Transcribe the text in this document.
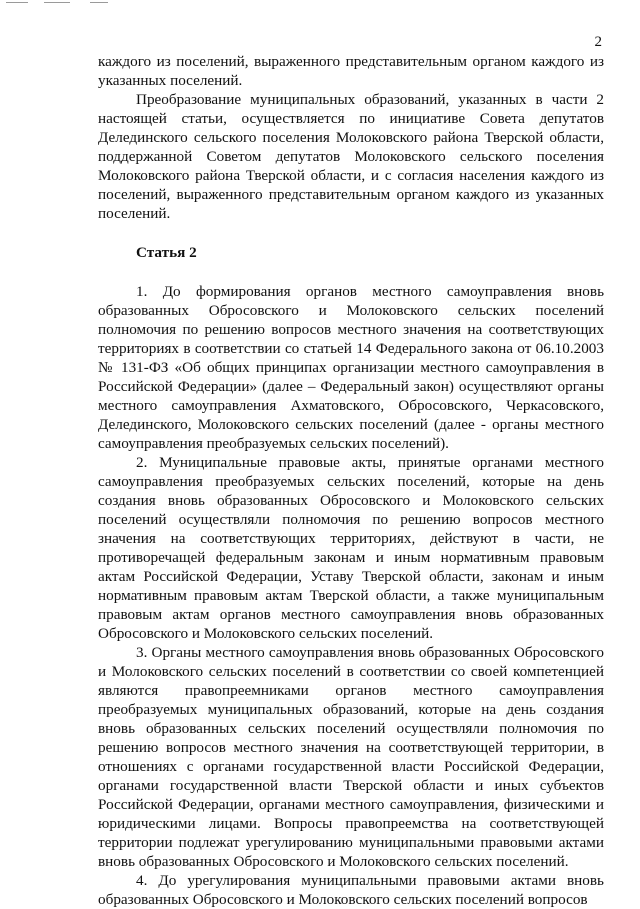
2

каждого из поселений, выраженного представительным органом каждого из указанных поселений.

Преобразование муниципальных образований, указанных в части 2 настоящей статьи, осуществляется по инициативе Совета депутатов Делединского сельского поселения Молоковского района Тверской области, поддержанной Советом депутатов Молоковского сельского поселения Молоковского района Тверской области, и с согласия населения каждого из поселений, выраженного представительным органом каждого из указанных поселений.

Статья 2

1. До формирования органов местного самоуправления вновь образованных Обросовского и Молоковского сельских поселений полномочия по решению вопросов местного значения на соответствующих территориях в соответствии со статьей 14 Федерального закона от 06.10.2003 № 131-ФЗ «Об общих принципах организации местного самоуправления в Российской Федерации» (далее – Федеральный закон) осуществляют органы местного самоуправления Ахматовского, Обросовского, Черкасовского, Делединского, Молоковского сельских поселений (далее - органы местного самоуправления преобразуемых сельских поселений).

2. Муниципальные правовые акты, принятые органами местного самоуправления преобразуемых сельских поселений, которые на день создания вновь образованных Обросовского и Молоковского сельских поселений осуществляли полномочия по решению вопросов местного значения на соответствующих территориях, действуют в части, не противоречащей федеральным законам и иным нормативным правовым актам Российской Федерации, Уставу Тверской области, законам и иным нормативным правовым актам Тверской области, а также муниципальным правовым актам органов местного самоуправления вновь образованных Обросовского и Молоковского сельских поселений.

3. Органы местного самоуправления вновь образованных Обросовского и Молоковского сельских поселений в соответствии со своей компетенцией являются правопреемниками органов местного самоуправления преобразуемых муниципальных образований, которые на день создания вновь образованных сельских поселений осуществляли полномочия по решению вопросов местного значения на соответствующей территории, в отношениях с органами государственной власти Российской Федерации, органами государственной власти Тверской области и иных субъектов Российской Федерации, органами местного самоуправления, физическими и юридическими лицами. Вопросы правопреемства на соответствующей территории подлежат урегулированию муниципальными правовыми актами вновь образованных Обросовского и Молоковского сельских поселений.

4. До урегулирования муниципальными правовыми актами вновь образованных Обросовского и Молоковского сельских поселений вопросов
